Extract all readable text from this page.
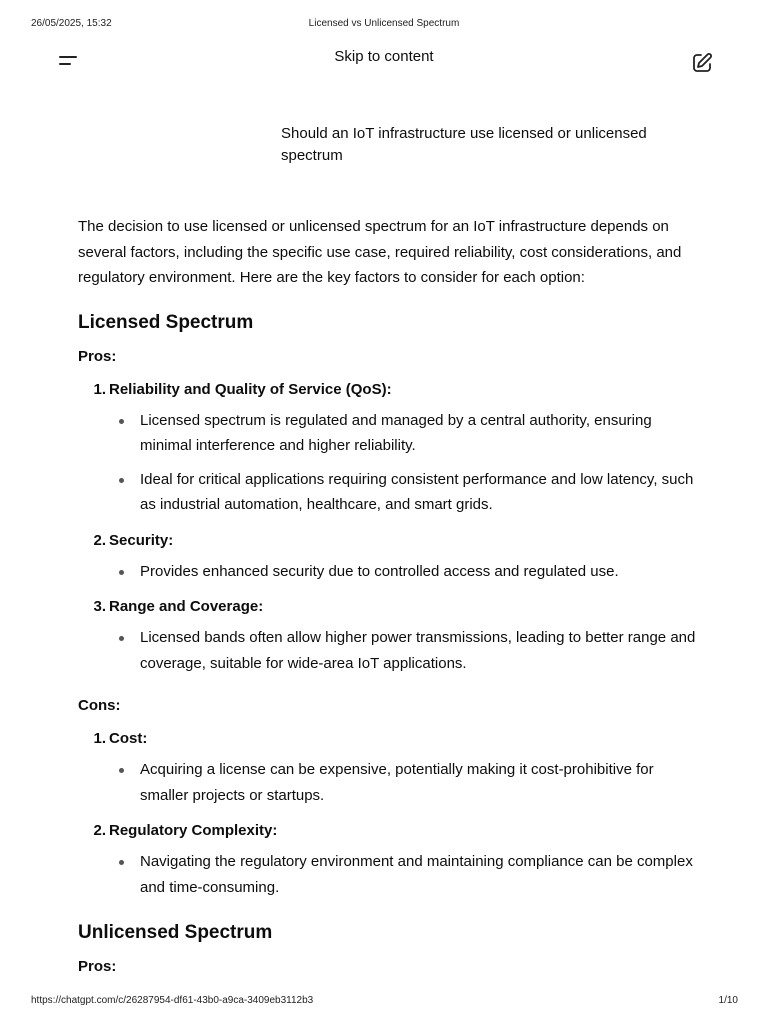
26/05/2025, 15:32	Licensed vs Unlicensed Spectrum
Skip to content
Should an IoT infrastructure use licensed or unlicensed spectrum

The decision to use licensed or unlicensed spectrum for an IoT infrastructure depends on several factors, including the specific use case, required reliability, cost considerations, and regulatory environment. Here are the key factors to consider for each option:

Licensed Spectrum
Pros:
1. Reliability and Quality of Service (QoS):
Licensed spectrum is regulated and managed by a central authority, ensuring minimal interference and higher reliability.
Ideal for critical applications requiring consistent performance and low latency, such as industrial automation, healthcare, and smart grids.
2. Security:
Provides enhanced security due to controlled access and regulated use.
3. Range and Coverage:
Licensed bands often allow higher power transmissions, leading to better range and coverage, suitable for wide-area IoT applications.
Cons:
1. Cost:
Acquiring a license can be expensive, potentially making it cost-prohibitive for smaller projects or startups.
2. Regulatory Complexity:
Navigating the regulatory environment and maintaining compliance can be complex and time-consuming.
Unlicensed Spectrum
Pros:
https://chatgpt.com/c/26287954-df61-43b0-a9ca-3409eb3112b3	1/10
